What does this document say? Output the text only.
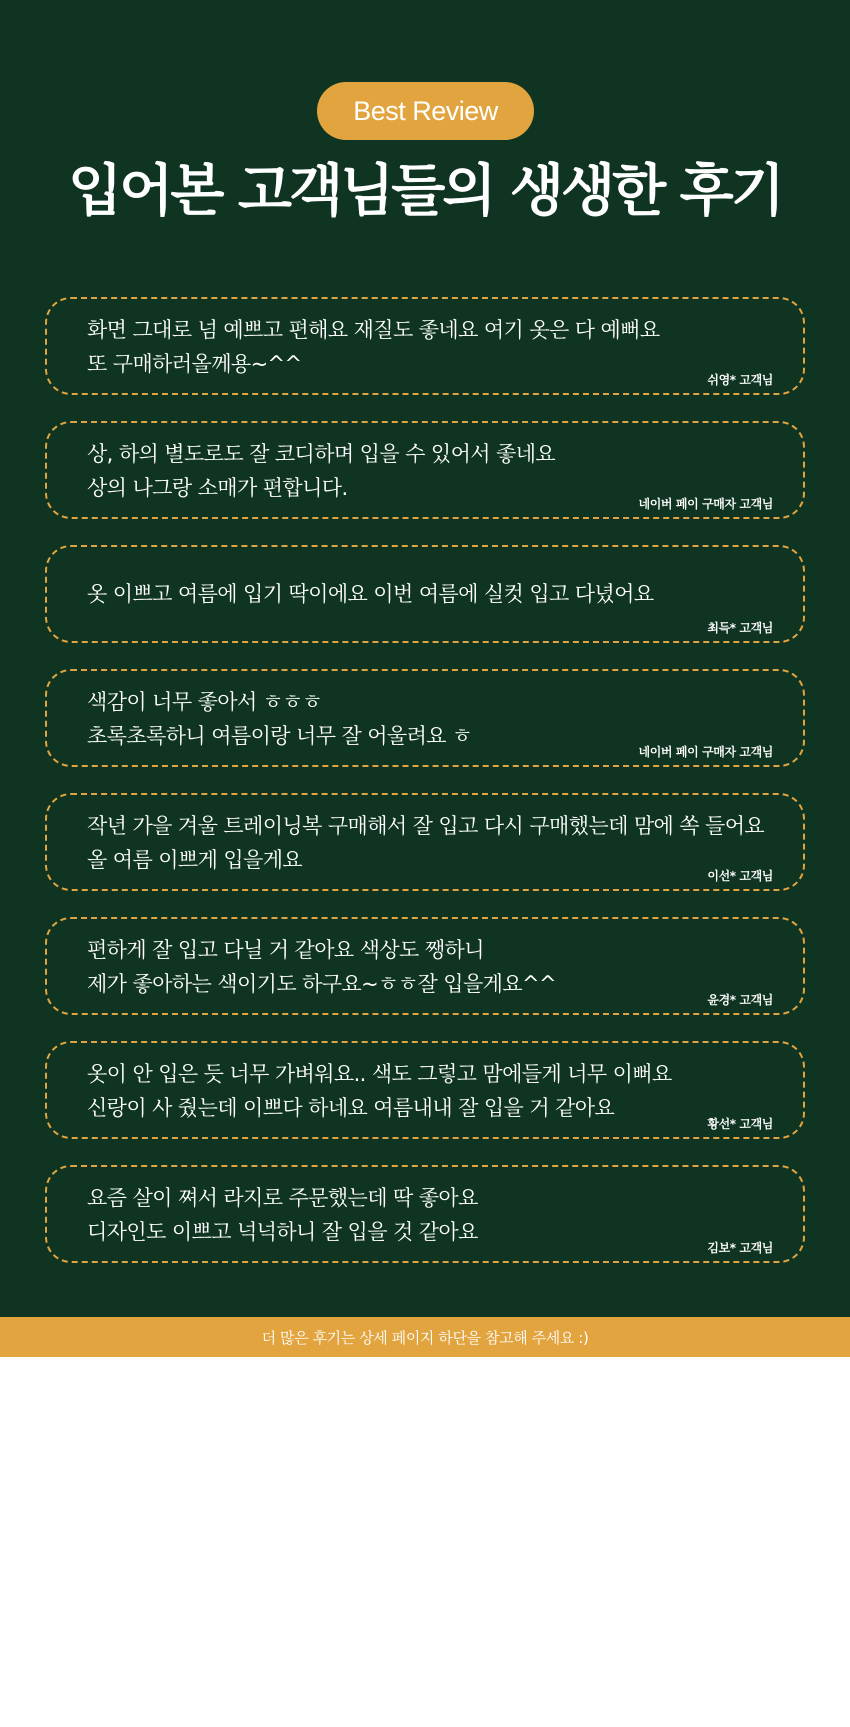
Best Review
입어본 고객님들의 생생한 후기
화면 그대로 넘 예쁘고 편해요 재질도 좋네요 여기 옷은 다 예뻐요
또 구매하러올께용~^^
쉬영* 고객님
상, 하의 별도로도 잘 코디하며 입을 수 있어서 좋네요
상의 나그랑 소매가 편합니다.
네이버 페이 구매자 고객님
옷 이쁘고 여름에 입기 딱이에요 이번 여름에 실컷 입고 다녔어요
최득* 고객님
색감이 너무 좋아서 ㅎㅎㅎ
초록초록하니 여름이랑 너무 잘 어울려요 ㅎ
네이버 페이 구매자 고객님
작년 가을 겨울 트레이닝복 구매해서 잘 입고 다시 구매했는데 맘에 쏙 들어요
올 여름 이쁘게 입을게요
이선* 고객님
편하게 잘 입고 다닐 거 같아요 색상도 쨍하니
제가 좋아하는 색이기도 하구요~ㅎㅎ잘 입을게요^^
윤경* 고객님
옷이 안 입은 듯 너무 가벼워요.. 색도 그렇고 맘에들게 너무 이뻐요
신랑이 사 줬는데 이쁘다 하네요 여름내내 잘 입을 거 같아요
황선* 고객님
요즘 살이 쪄서 라지로 주문했는데 딱 좋아요
디자인도 이쁘고 넉넉하니 잘 입을 것 같아요
김보* 고객님
더 많은 후기는 상세 페이지 하단을 참고해 주세요 :)
